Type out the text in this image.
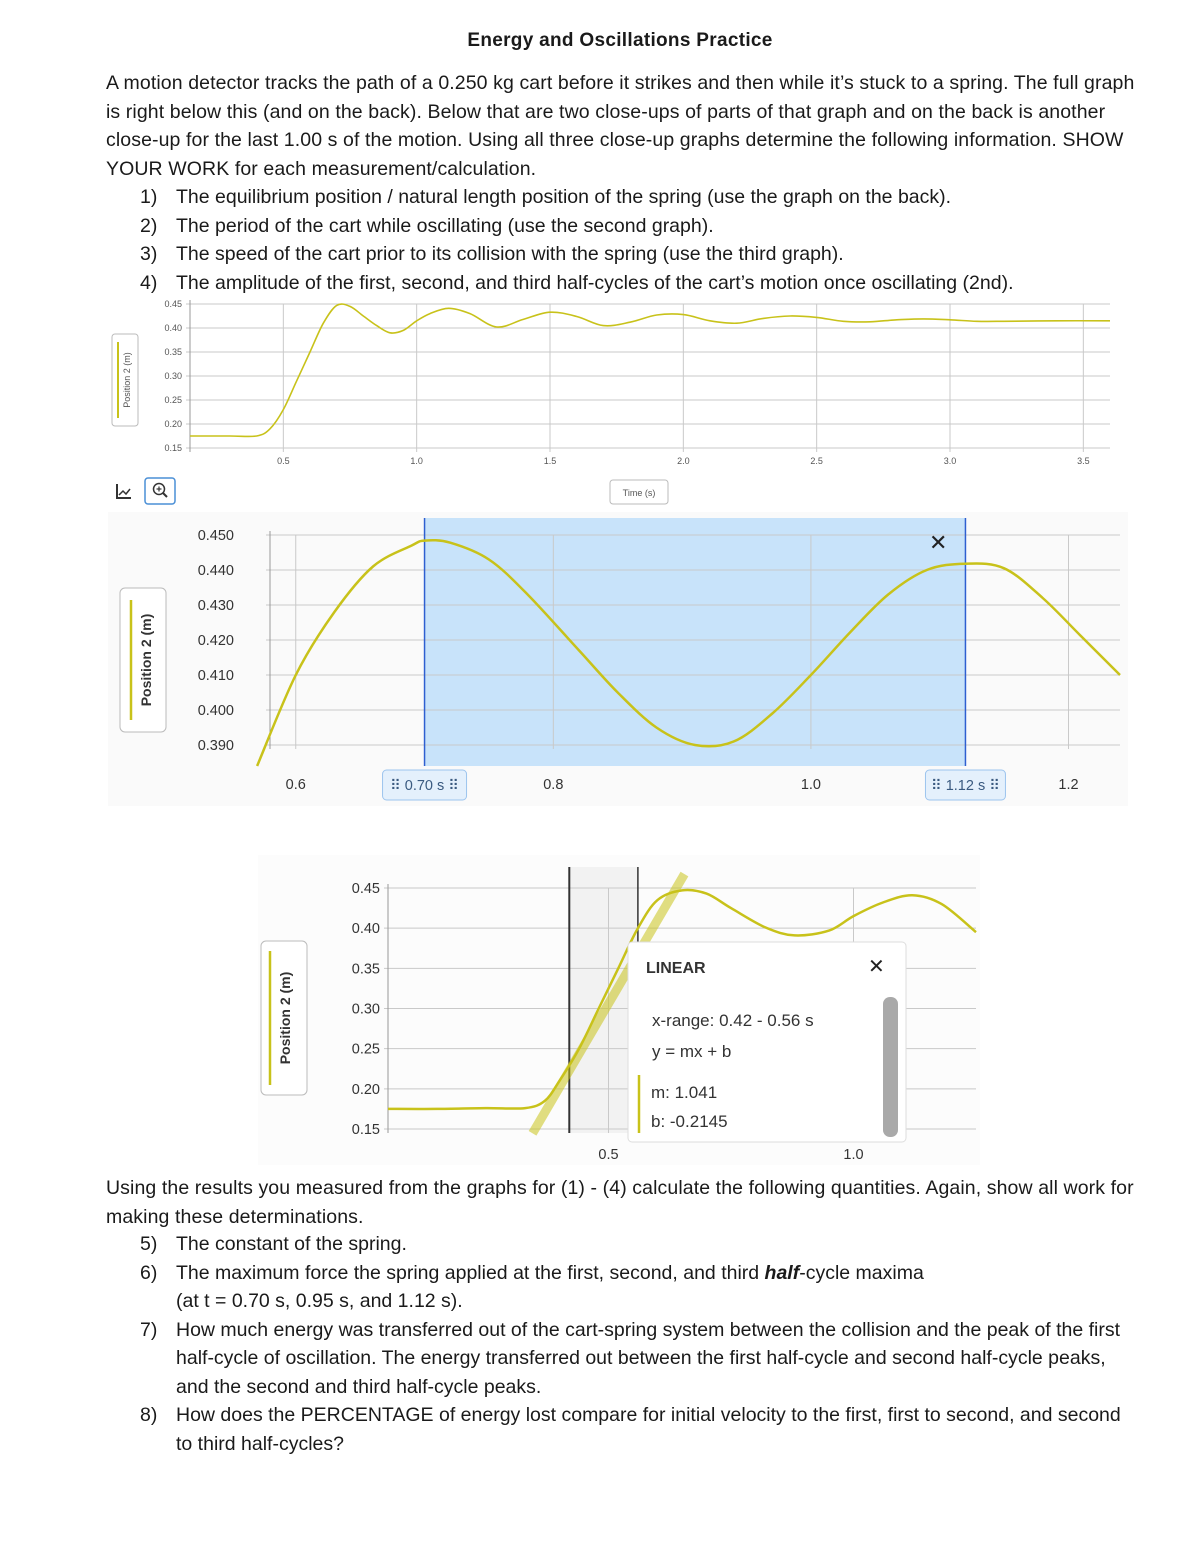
Energy and Oscillations Practice
A motion detector tracks the path of a 0.250 kg cart before it strikes and then while it’s stuck to a spring. The full graph is right below this (and on the back). Below that are two close-ups of parts of that graph and on the back is another close-up for the last 1.00 s of the motion. Using all three close-up graphs determine the following information. SHOW YOUR WORK for each measurement/calculation.
1) The equilibrium position / natural length position of the spring (use the graph on the back).
2) The period of the cart while oscillating (use the second graph).
3) The speed of the cart prior to its collision with the spring (use the third graph).
4) The amplitude of the first, second, and third half-cycles of the cart’s motion once oscillating (2nd).
Position 2 (m)
0.45
0.40
0.35
0.30
0.25
0.20
0.15
0.5	1.0	1.5	2.0	2.5	3.0	3.5
Time (s)
Position 2 (m)
0.450
0.440
0.430
0.420
0.410
0.400
0.390
✕
0.6	0.8	1.0	1.2
⠿ 0.70 s ⠿	⠿ 1.12 s ⠿
Position 2 (m)
0.45
0.40
0.35
0.30
0.25
0.20
0.15
LINEAR	✕
x-range: 0.42 - 0.56 s
y = mx + b
m: 1.041
b: -0.2145
0.5	1.0
Using the results you measured from the graphs for (1) - (4) calculate the following quantities. Again, show all work for making these determinations.
5) The constant of the spring.
6) The maximum force the spring applied at the first, second, and third half-cycle maxima
(at t = 0.70 s, 0.95 s, and 1.12 s).
7) How much energy was transferred out of the cart-spring system between the collision and the peak of the first half-cycle of oscillation. The energy transferred out between the first half-cycle and second half-cycle peaks, and the second and third half-cycle peaks.
8) How does the PERCENTAGE of energy lost compare for initial velocity to the first, first to second, and second to third half-cycles?
